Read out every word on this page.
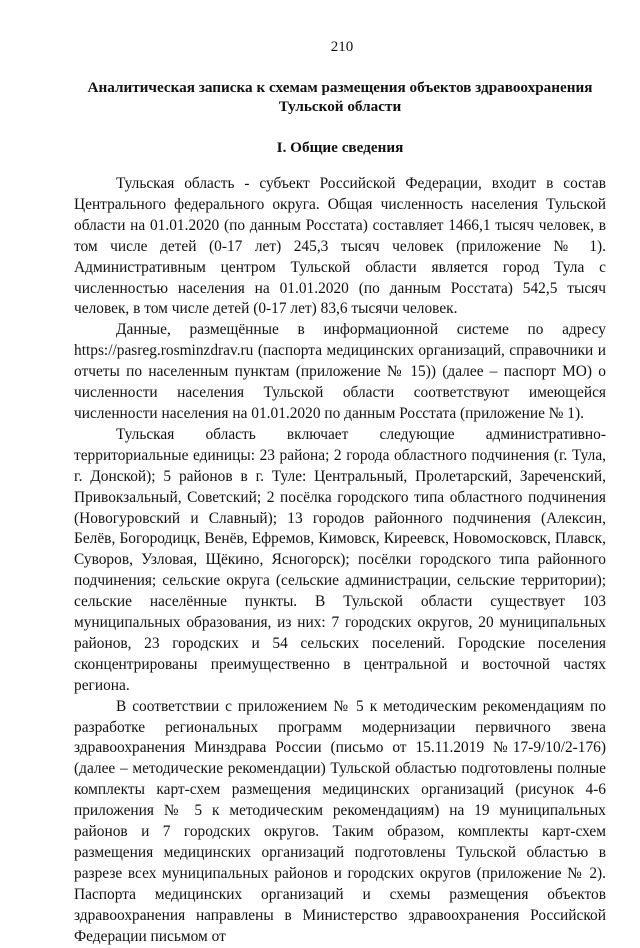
210
Аналитическая записка к схемам размещения объектов здравоохранения Тульской области
I. Общие сведения

Тульская область - субъект Российской Федерации, входит в состав Центрального федерального округа. Общая численность населения Тульской области на 01.01.2020 (по данным Росстата) составляет 1466,1 тысяч человек, в том числе детей (0-17 лет) 245,3 тысяч человек (приложение № 1). Административным центром Тульской области является город Тула с численностью населения на 01.01.2020 (по данным Росстата) 542,5 тысяч человек, в том числе детей (0-17 лет) 83,6 тысячи человек.

Данные, размещённые в информационной системе по адресу https://pasreg.rosminzdrav.ru (паспорта медицинских организаций, справочники и отчеты по населенным пунктам (приложение № 15)) (далее – паспорт МО) о численности населения Тульской области соответствуют имеющейся численности населения на 01.01.2020 по данным Росстата (приложение № 1).

Тульская область включает следующие административно-территориальные единицы: 23 района; 2 города областного подчинения (г. Тула, г. Донской); 5 районов в г. Туле: Центральный, Пролетарский, Зареченский, Привокзальный, Советский; 2 посёлка городского типа областного подчинения (Новогуровский и Славный); 13 городов районного подчинения (Алексин, Белёв, Богородицк, Венёв, Ефремов, Кимовск, Киреевск, Новомосковск, Плавск, Суворов, Узловая, Щёкино, Ясногорск); посёлки городского типа районного подчинения; сельские округа (сельские администрации, сельские территории); сельские населённые пункты. В Тульской области существует 103 муниципальных образования, из них: 7 городских округов, 20 муниципальных районов, 23 городских и 54 сельских поселений. Городские поселения сконцентрированы преимущественно в центральной и восточной частях региона.

В соответствии с приложением № 5 к методическим рекомендациям по разработке региональных программ модернизации первичного звена здравоохранения Минздрава России (письмо от 15.11.2019 №17-9/10/2-176) (далее – методические рекомендации) Тульской областью подготовлены полные комплекты карт-схем размещения медицинских организаций (рисунок 4-6 приложения № 5 к методическим рекомендациям) на 19 муниципальных районов и 7 городских округов. Таким образом, комплекты карт-схем размещения медицинских организаций подготовлены Тульской областью в разрезе всех муниципальных районов и городских округов (приложение № 2). Паспорта медицинских организаций и схемы размещения объектов здравоохранения направлены в Министерство здравоохранения Российской Федерации письмом от
